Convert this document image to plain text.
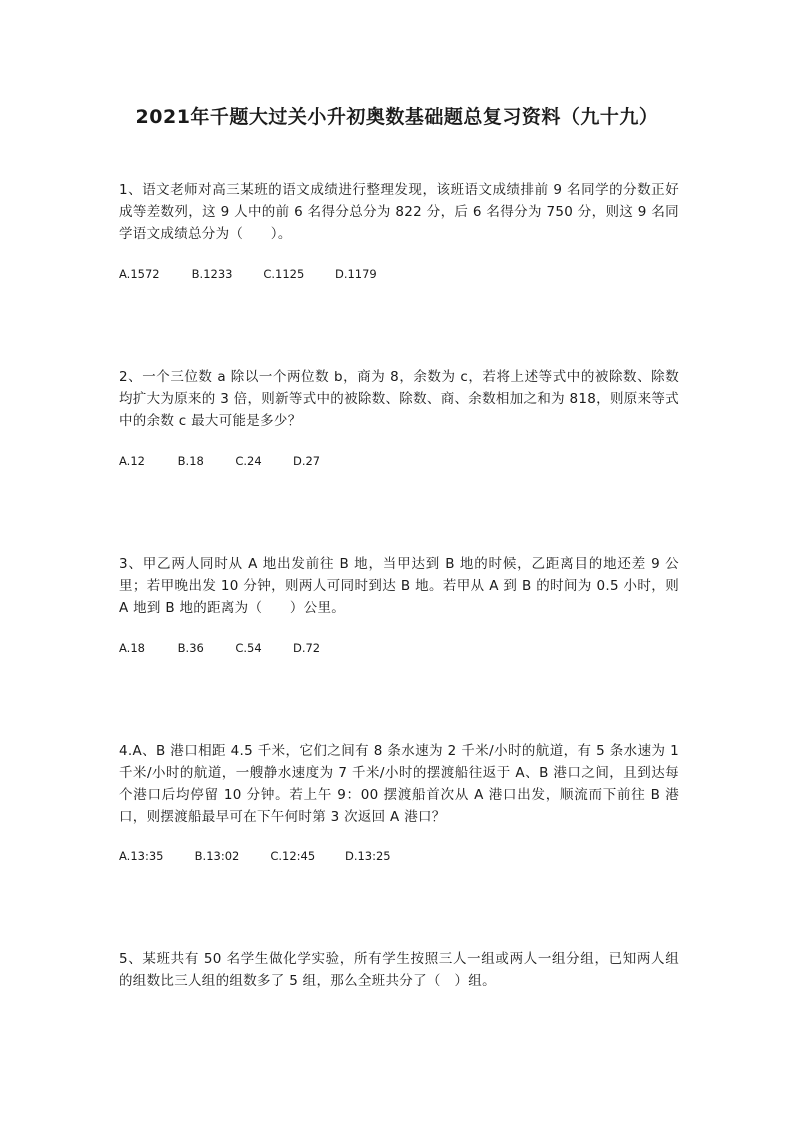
2021年千题大过关小升初奥数基础题总复习资料（九十九）
1、语文老师对高三某班的语文成绩进行整理发现，该班语文成绩排前 9 名同学的分数正好成等差数列，这 9 人中的前 6 名得分总分为 822 分，后 6 名得分为 750 分，则这 9 名同学语文成绩总分为（　　）。
A.1572	B.1233	C.1125	D.1179
2、一个三位数 a 除以一个两位数 b，商为 8，余数为 c，若将上述等式中的被除数、除数均扩大为原来的 3 倍，则新等式中的被除数、除数、商、余数相加之和为 818，则原来等式中的余数 c 最大可能是多少？
A.12	B.18	C.24	D.27
3、甲乙两人同时从 A 地出发前往 B 地，当甲达到 B 地的时候，乙距离目的地还差 9 公里；若甲晚出发 10 分钟，则两人可同时到达 B 地。若甲从 A 到 B 的时间为 0.5 小时，则 A 地到 B 地的距离为（　　）公里。
A.18	B.36	C.54	D.72
4.A、B 港口相距 4.5 千米，它们之间有 8 条水速为 2 千米/小时的航道，有 5 条水速为 1 千米/小时的航道，一艘静水速度为 7 千米/小时的摆渡船往返于 A、B 港口之间，且到达每个港口后均停留 10 分钟。若上午 9：00 摆渡船首次从 A 港口出发，顺流而下前往 B 港口，则摆渡船最早可在下午何时第 3 次返回 A 港口？
A.13:35	B.13:02	C.12:45	D.13:25
5、某班共有 50 名学生做化学实验，所有学生按照三人一组或两人一组分组，已知两人组的组数比三人组的组数多了 5 组，那么全班共分了（　）组。
